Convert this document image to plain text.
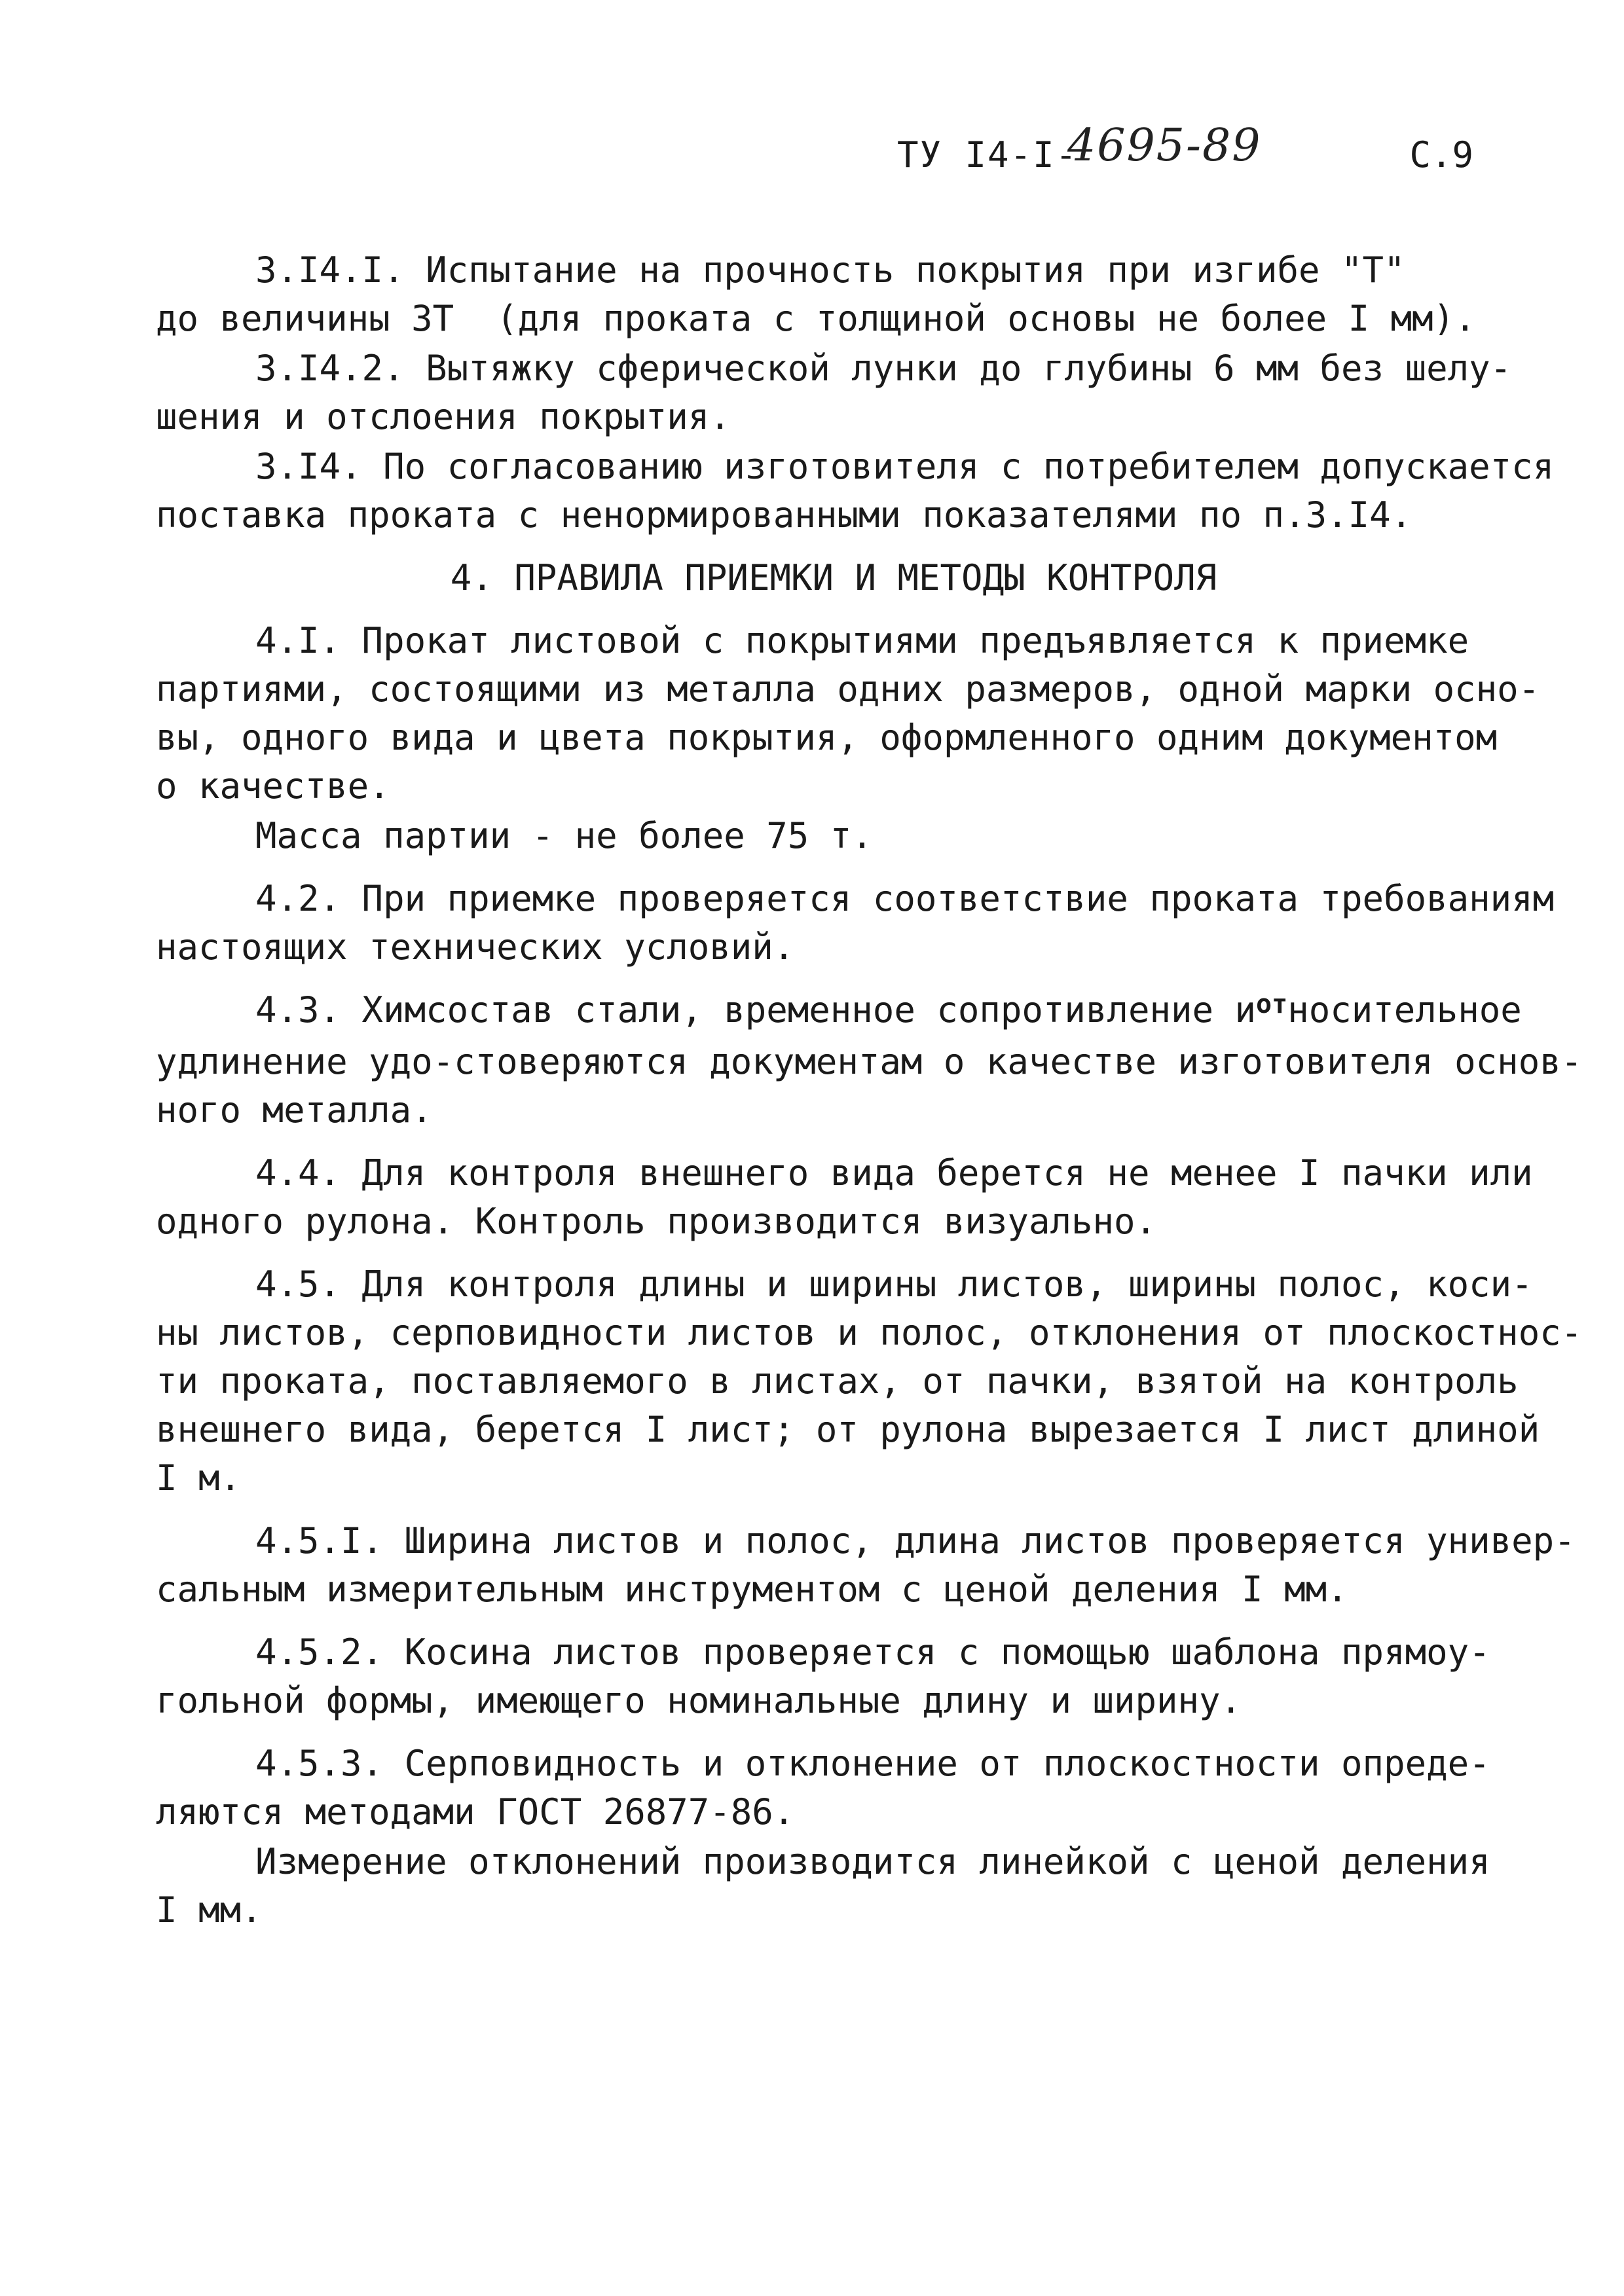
ТУ I4-I-
4695-89	С.9

3.I4.I. Испытание на прочность покрытия при изгибе "Т"

до величины 3Т  (для проката с толщиной основы не более I мм).

3.I4.2. Вытяжку сферической лунки до глубины 6 мм без шелу-

шения и отслоения покрытия.

3.I4. По согласованию изготовителя с потребителем допускается

поставка проката с ненормированными показателями по п.3.I4.

4. ПРАВИЛА ПРИЕМКИ И МЕТОДЫ КОНТРОЛЯ

4.I. Прокат листовой с покрытиями предъявляется к приемке

партиями, состоящими из металла одних размеров, одной марки осно-

вы, одного вида и цвета покрытия, оформленного одним документом

о качестве.

Масса партии - не более 75 т.

4.2. При приемке проверяется соответствие проката требованиям

настоящих технических условий.

4.3. Химсостав стали, временное сопротивление $и^{от}носительное$

удлинение удо-стоверяются документам о качестве изготовителя основ-

ного металла.

4.4. Для контроля внешнего вида берется не менее I пачки или

одного рулона. Контроль производится визуально.

4.5. Для контроля длины и ширины листов, ширины полос, коси-

ны листов, серповидности листов и полос, отклонения от плоскостнос-

ти проката, поставляемого в листах, от пачки, взятой на контроль

внешнего вида, берется I лист; от рулона вырезается I лист длиной

I м.

4.5.I. Ширина листов и полос, длина листов проверяется универ-

сальным измерительным инструментом с ценой деления I мм.

4.5.2. Косина листов проверяется с помощью шаблона прямоу-

гольной формы, имеющего номинальные длину и ширину.

4.5.3. Серповидность и отклонение от плоскостности опреде-

ляются методами ГОСТ 26877-86.

Измерение отклонений производится линейкой с ценой деления

I мм.
